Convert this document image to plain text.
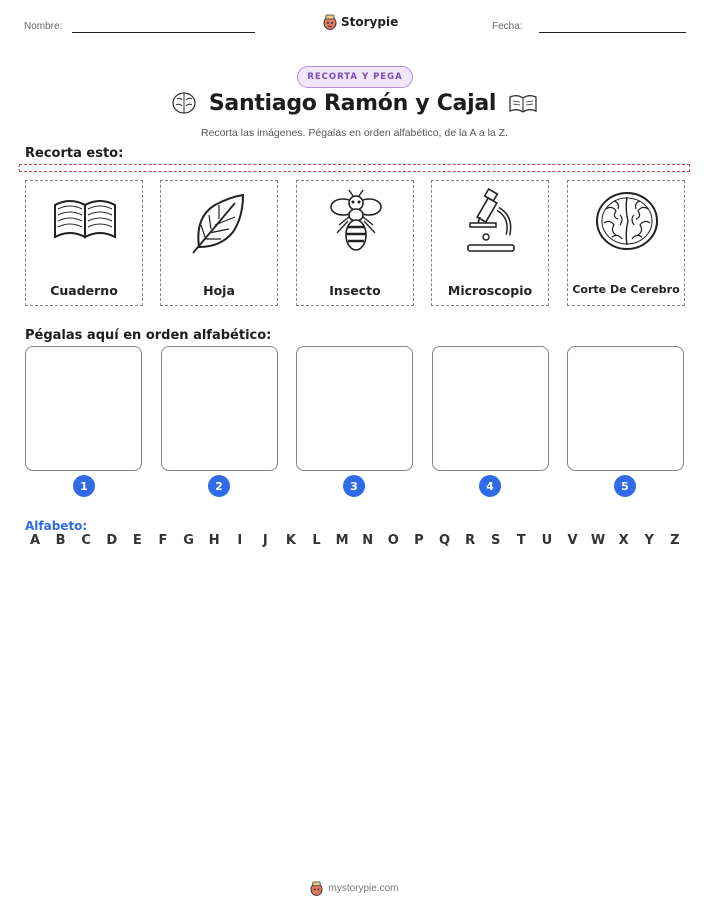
Nombre:	Storypie	Fecha:
RECORTA Y PEGA
Santiago Ramón y Cajal
Recorta las imágenes. Pégalas en orden alfabético, de la A a la Z.
Recorta esto:
Cuaderno	Hoja	Insecto	Microscopio	Corte De Cerebro
Pégalas aquí en orden alfabético:
1	2	3	4	5
Alfabeto:
A	B	C	D	E	F	G	H	I	J	K	L	M	N	O	P	Q	R	S	T	U	V	W	X	Y	Z
mystorypie.com
